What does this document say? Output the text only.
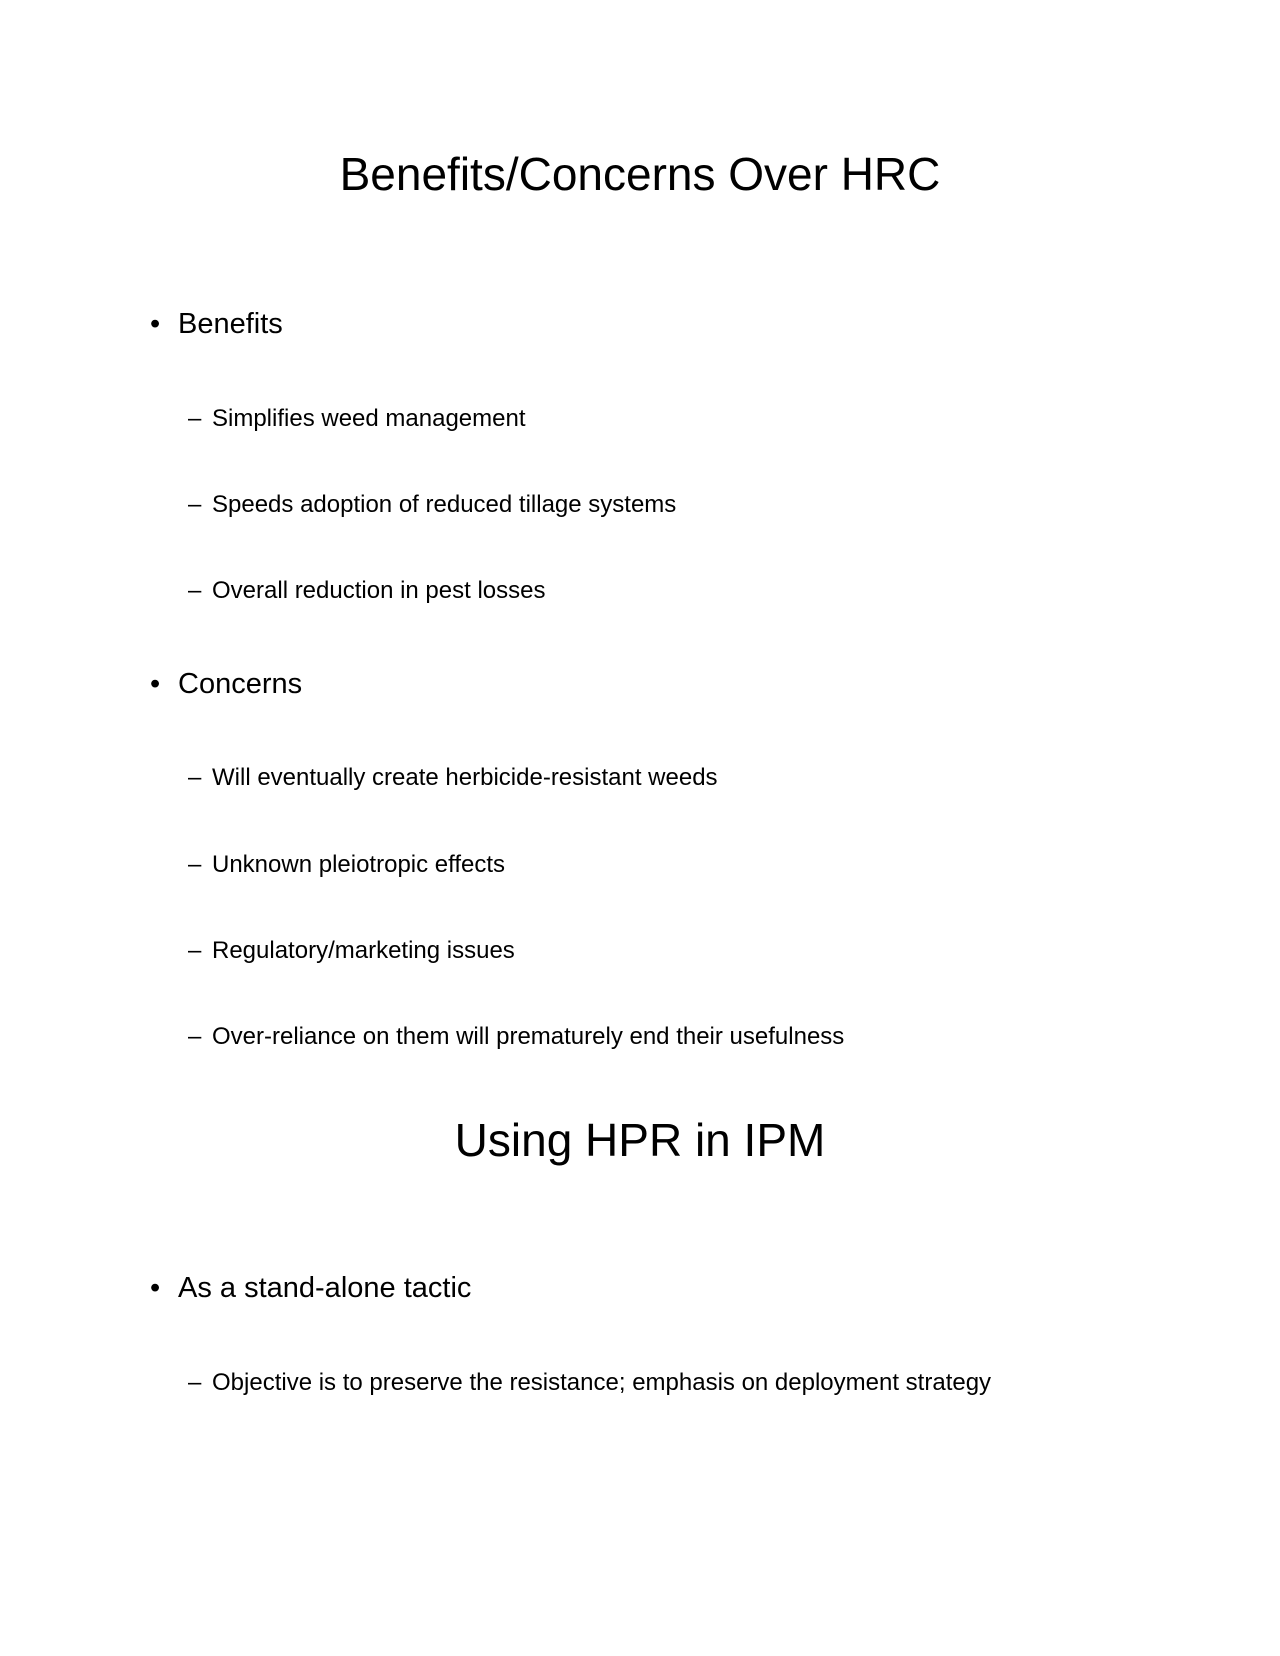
Benefits/Concerns Over HRC
• Benefits
– Simplifies weed management
– Speeds adoption of reduced tillage systems
– Overall reduction in pest losses
• Concerns
– Will eventually create herbicide-resistant weeds
– Unknown pleiotropic effects
– Regulatory/marketing issues
– Over-reliance on them will prematurely end their usefulness
Using HPR in IPM
• As a stand-alone tactic
– Objective is to preserve the resistance; emphasis on deployment strategy
